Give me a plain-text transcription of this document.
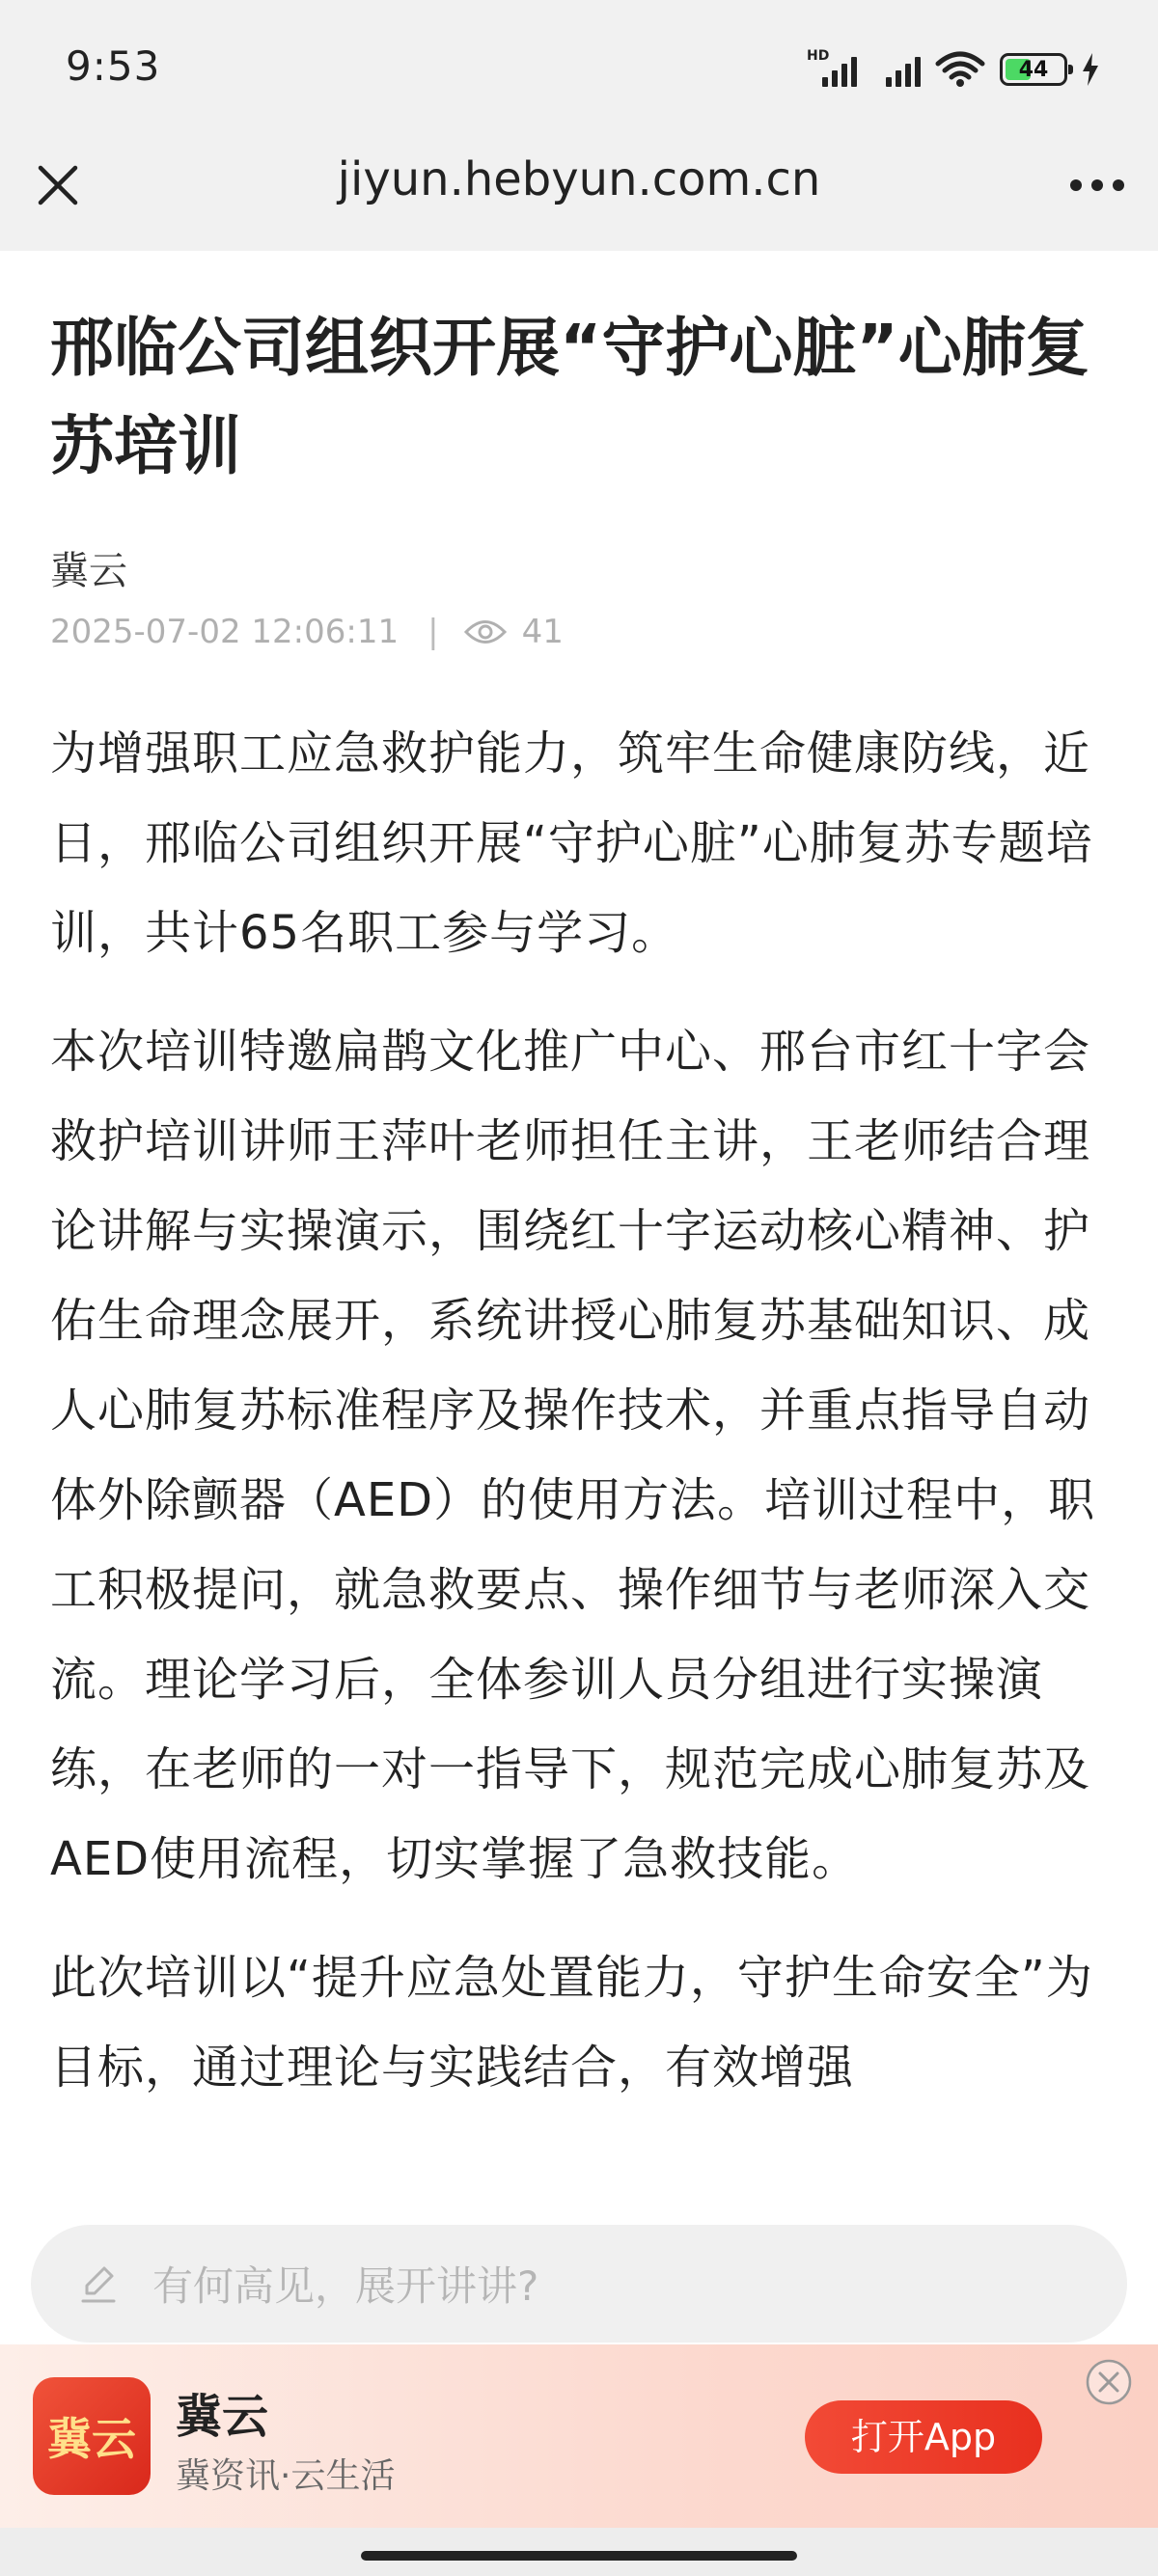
9:53	HD
44
jiyun.hebyun.com.cn
邢临公司组织开展“守护心脏”心肺复苏培训
冀云
2025-07-02 12:06:11 |	41

为增强职工应急救护能力，筑牢生命健康防线，近日，邢临公司组织开展“守护心脏”心肺复苏专题培训，共计65名职工参与学习。

本次培训特邀扁鹊文化推广中心、邢台市红十字会救护培训讲师王萍叶老师担任主讲，王老师结合理论讲解与实操演示，围绕红十字运动核心精神、护佑生命理念展开，系统讲授心肺复苏基础知识、成人心肺复苏标准程序及操作技术，并重点指导自动体外除颤器（AED）的使用方法。培训过程中，职工积极提问，就急救要点、操作细节与老师深入交流。理论学习后，全体参训人员分组进行实操演练，在老师的一对一指导下，规范完成心肺复苏及AED使用流程，切实掌握了急救技能。

此次培训以“提升应急处置能力，守护生命安全”为目标，通过理论与实践结合，有效增强

有何高见，展开讲讲?
冀云 冀云
冀资讯·云生活
打开App
